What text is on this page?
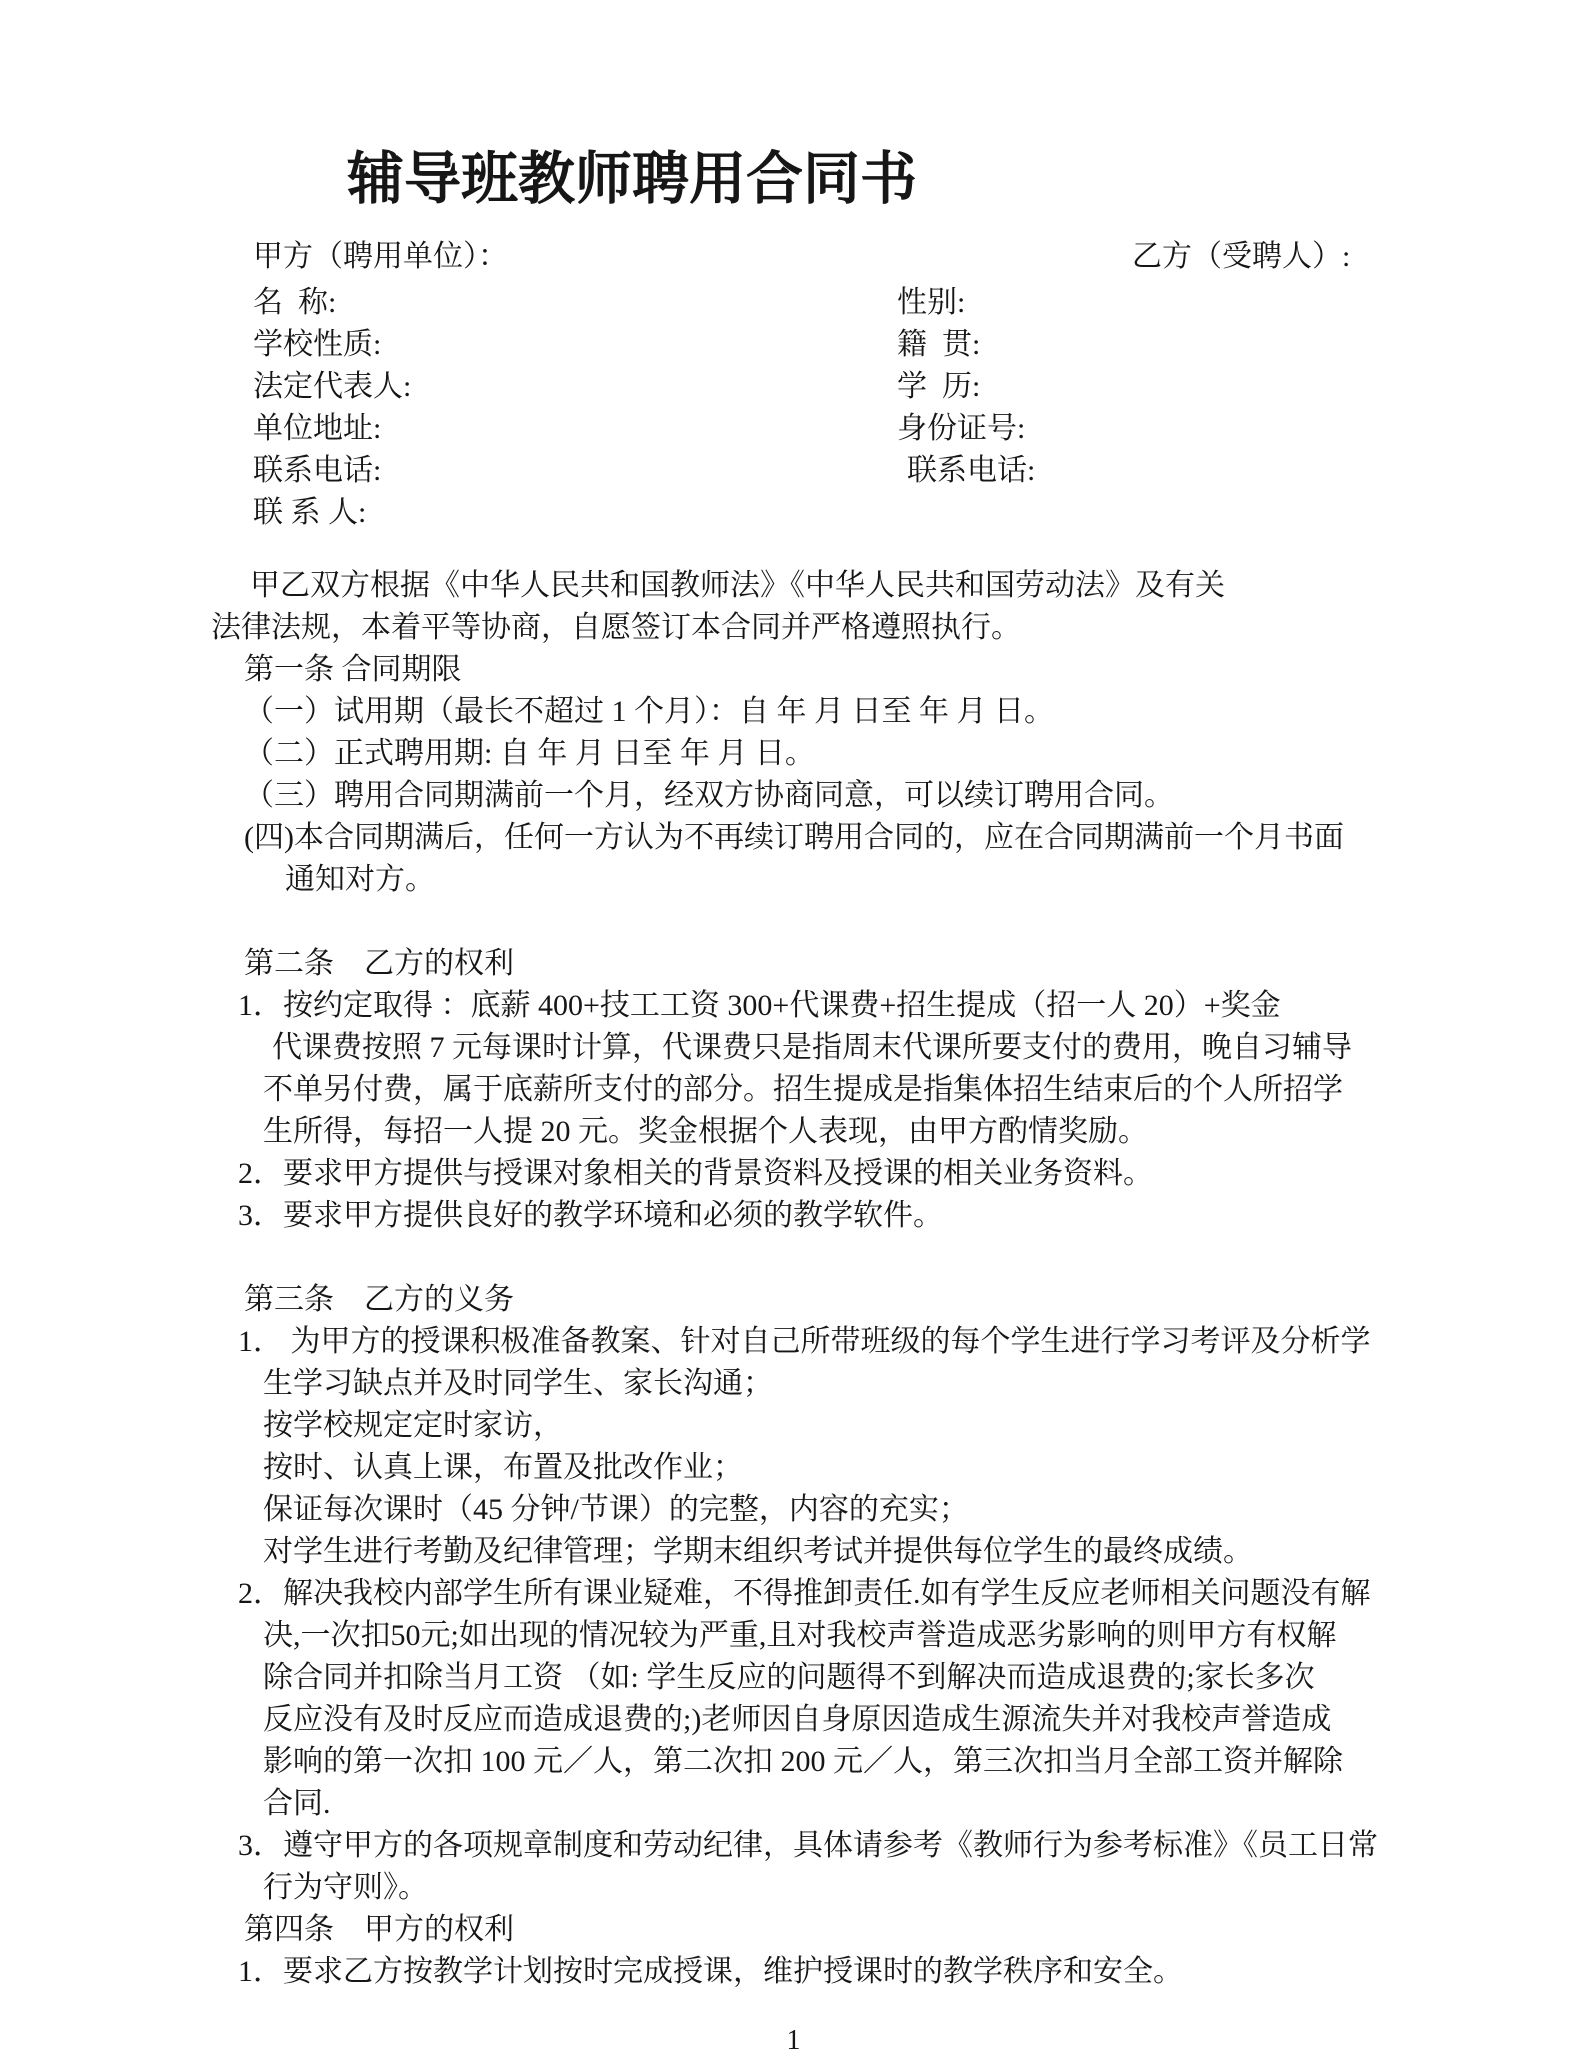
辅导班教师聘用合同书
甲方（聘用单位）：	乙方（受聘人）:
名  称:
学校性质:
法定代表人:
单位地址:
联系电话:
联 系 人:
性别:
籍  贯:
学  历:
身份证号:
联系电话:
甲乙双方根据《中华人民共和国教师法》《中华人民共和国劳动法》及有关
法律法规，本着平等协商，自愿签订本合同并严格遵照执行。
第一条 合同期限
（一）试用期（最长不超过 1 个月）：自 年 月 日至 年 月 日。
（二）正式聘用期: 自 年 月 日至 年 月 日。
（三）聘用合同期满前一个月，经双方协商同意，可以续订聘用合同。
(四)本合同期满后，任何一方认为不再续订聘用合同的，应在合同期满前一个月书面
通知对方。
第二条　乙方的权利
1．按约定取得 ：底薪 400+技工工资 300+代课费+招生提成（招一人 20）+奖金
代课费按照 7 元每课时计算，代课费只是指周末代课所要支付的费用，晚自习辅导
不单另付费，属于底薪所支付的部分。招生提成是指集体招生结束后的个人所招学
生所得，每招一人提 20 元。奖金根据个人表现，由甲方酌情奖励。
2．要求甲方提供与授课对象相关的背景资料及授课的相关业务资料。
3．要求甲方提供良好的教学环境和必须的教学软件。
第三条　乙方的义务
1． 为甲方的授课积极准备教案、针对自己所带班级的每个学生进行学习考评及分析学
生学习缺点并及时同学生、家长沟通；
按学校规定定时家访，
按时、认真上课，布置及批改作业；
保证每次课时（45 分钟/节课）的完整，内容的充实；
对学生进行考勤及纪律管理；学期末组织考试并提供每位学生的最终成绩。
2．解决我校内部学生所有课业疑难，不得推卸责任.如有学生反应老师相关问题没有解
决,一次扣50元;如出现的情况较为严重,且对我校声誉造成恶劣影响的则甲方有权解
除合同并扣除当月工资 （如: 学生反应的问题得不到解决而造成退费的;家长多次
反应没有及时反应而造成退费的;)老师因自身原因造成生源流失并对我校声誉造成
影响的第一次扣 100 元／人，第二次扣 200 元／人，第三次扣当月全部工资并解除
合同.
3．遵守甲方的各项规章制度和劳动纪律，具体请参考《教师行为参考标准》《员工日常
行为守则》。
第四条　甲方的权利
1．要求乙方按教学计划按时完成授课，维护授课时的教学秩序和安全。
1
